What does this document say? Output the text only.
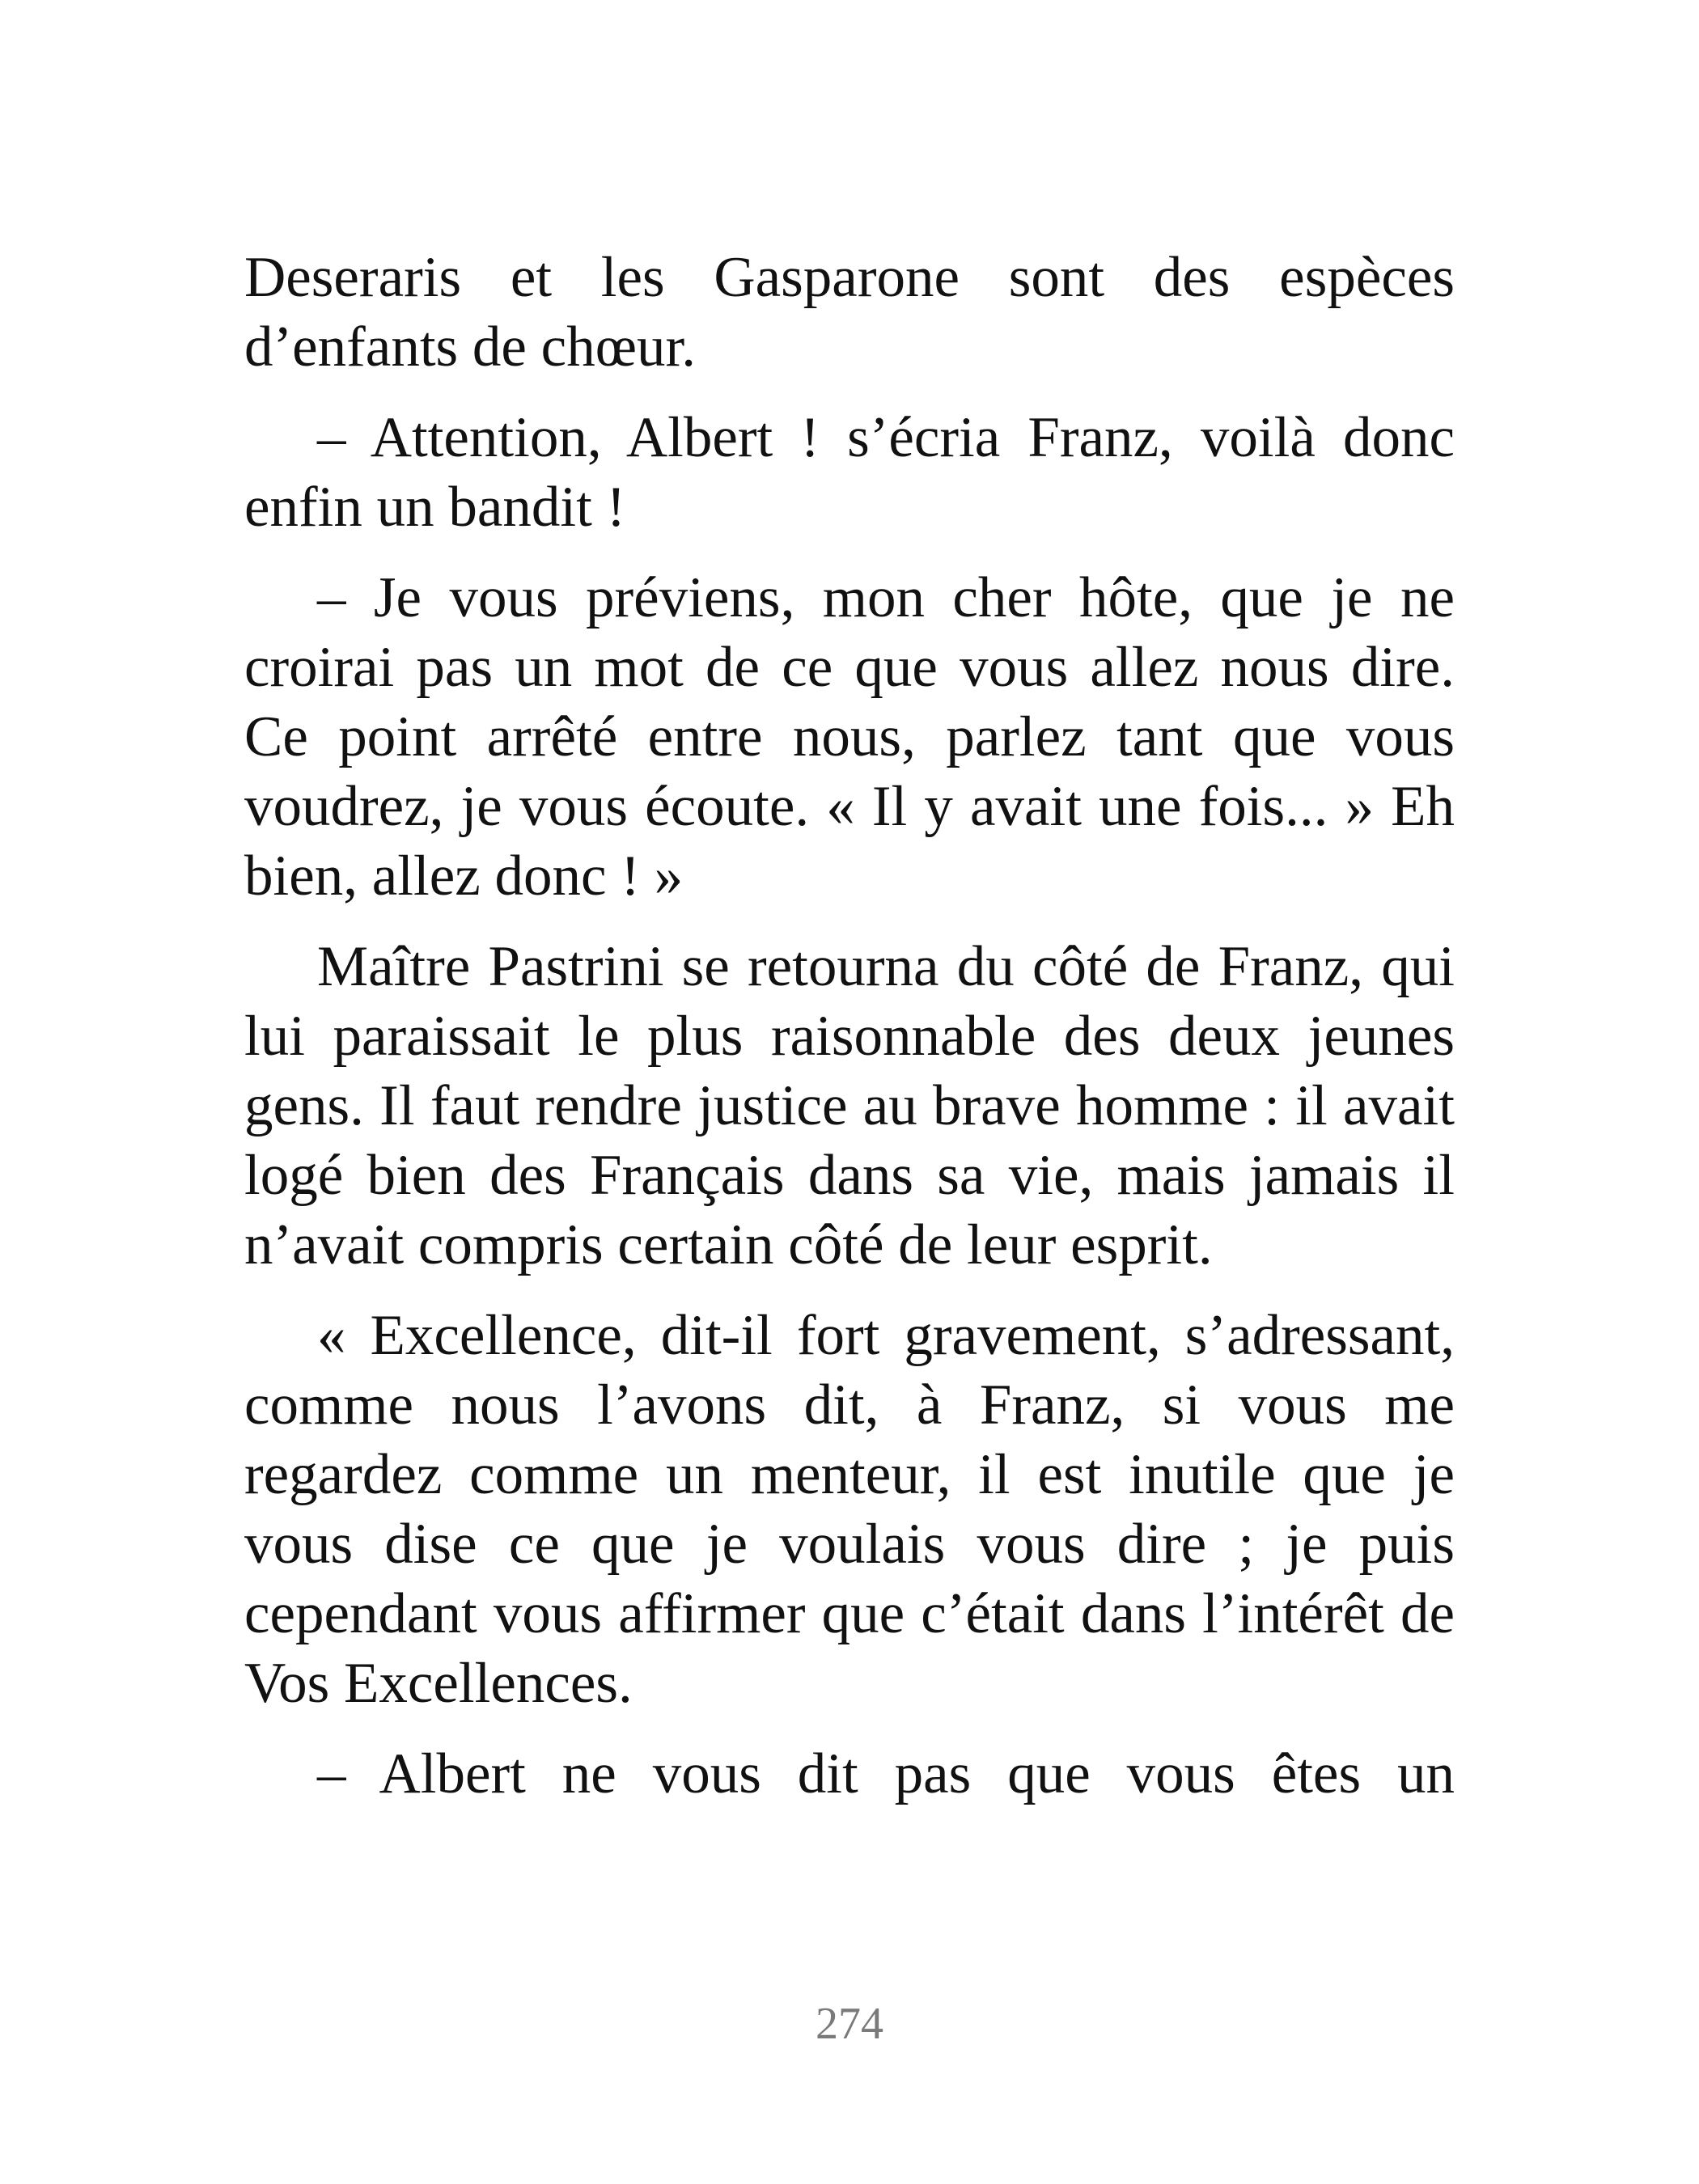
Deseraris et les Gasparone sont des espèces d’enfants de chœur.

– Attention, Albert ! s’écria Franz, voilà donc enfin un bandit !

– Je vous préviens, mon cher hôte, que je ne croirai pas un mot de ce que vous allez nous dire. Ce point arrêté entre nous, parlez tant que vous voudrez, je vous écoute. « Il y avait une fois... » Eh bien, allez donc ! »

Maître Pastrini se retourna du côté de Franz, qui lui paraissait le plus raisonnable des deux jeunes gens. Il faut rendre justice au brave homme : il avait logé bien des Français dans sa vie, mais jamais il n’avait compris certain côté de leur esprit.

« Excellence, dit-il fort gravement, s’adressant, comme nous l’avons dit, à Franz, si vous me regardez comme un menteur, il est inutile que je vous dise ce que je voulais vous dire ; je puis cependant vous affirmer que c’était dans l’intérêt de Vos Excellences.

– Albert ne vous dit pas que vous êtes un

274
